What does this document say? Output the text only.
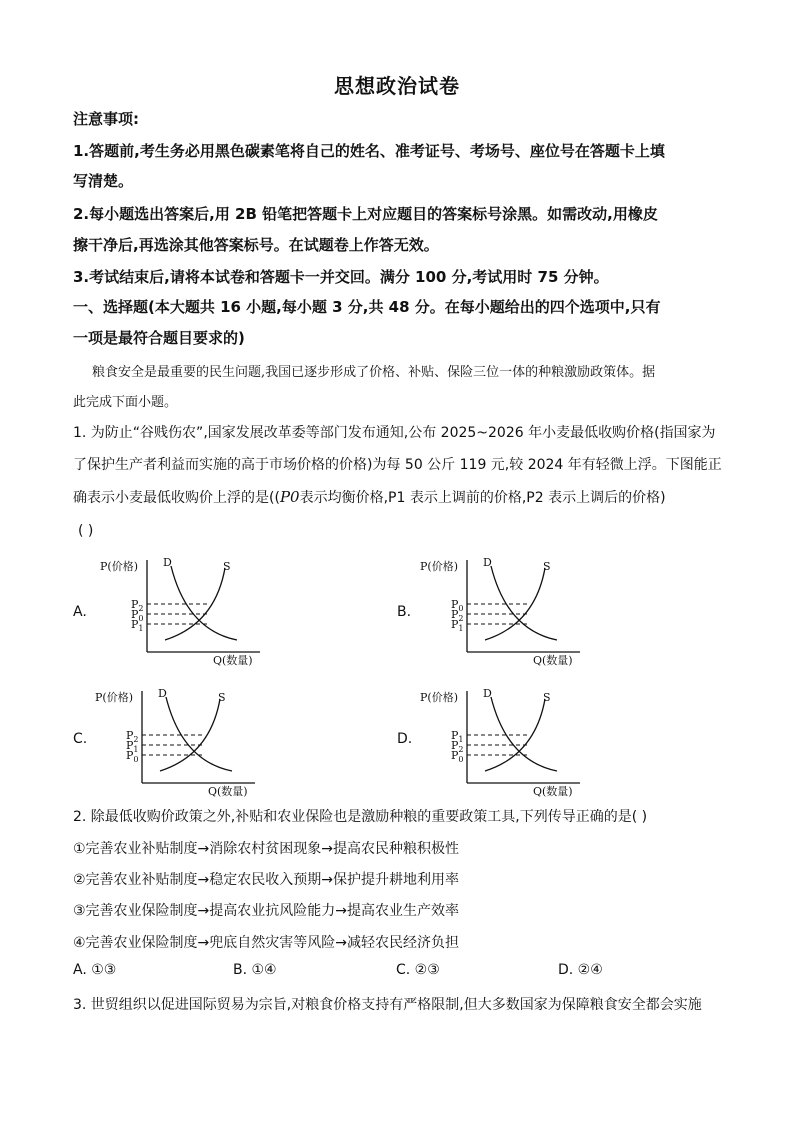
思想政治试卷
注意事项:
1.答题前,考生务必用黑色碳素笔将自己的姓名、准考证号、考场号、座位号在答题卡上填
写清楚。
2.每小题选出答案后,用 2B 铅笔把答题卡上对应题目的答案标号涂黑。如需改动,用橡皮
擦干净后,再选涂其他答案标号。在试题卷上作答无效。
3.考试结束后,请将本试卷和答题卡一并交回。满分 100 分,考试用时 75 分钟。
一、选择题(本大题共 16 小题,每小题 3 分,共 48 分。在每小题给出的四个选项中,只有
一项是最符合题目要求的)
粮食安全是最重要的民生问题,我国已逐步形成了价格、补贴、保险三位一体的种粮激励政策体。据
此完成下面小题。
1. 为防止“谷贱伤农”,国家发展改革委等部门发布通知,公布 2025~2026 年小麦最低收购价格(指国家为
了保护生产者利益而实施的高于市场价格的价格)为每 50 公斤 119 元,较 2024 年有轻微上浮。下图能正
确表示小麦最低收购价上浮的是((P0表示均衡价格,P1 表示上调前的价格,P2 表示上调后的价格)
( )
A.
P(价格)
Q(数量)
D	S
$P_2$
$P_0$
$P_1$
B.
P(价格)
Q(数量)
D	S
$P_0$
$P_2$
$P_1$
C.
P(价格)
Q(数量)
D	S
$P_2$
$P_1$
$P_0$
D.
P(价格)
Q(数量)
D	S
$P_1$
$P_2$
$P_0$
2. 除最低收购价政策之外,补贴和农业保险也是激励种粮的重要政策工具,下列传导正确的是( )
①完善农业补贴制度→消除农村贫困现象→提高农民种粮积极性
②完善农业补贴制度→稳定农民收入预期→保护提升耕地利用率
③完善农业保险制度→提高农业抗风险能力→提高农业生产效率
④完善农业保险制度→兜底自然灾害等风险→减轻农民经济负担
A. ①③	B. ①④	C. ②③	D. ②④
3. 世贸组织以促进国际贸易为宗旨,对粮食价格支持有严格限制,但大多数国家为保障粮食安全都会实施
